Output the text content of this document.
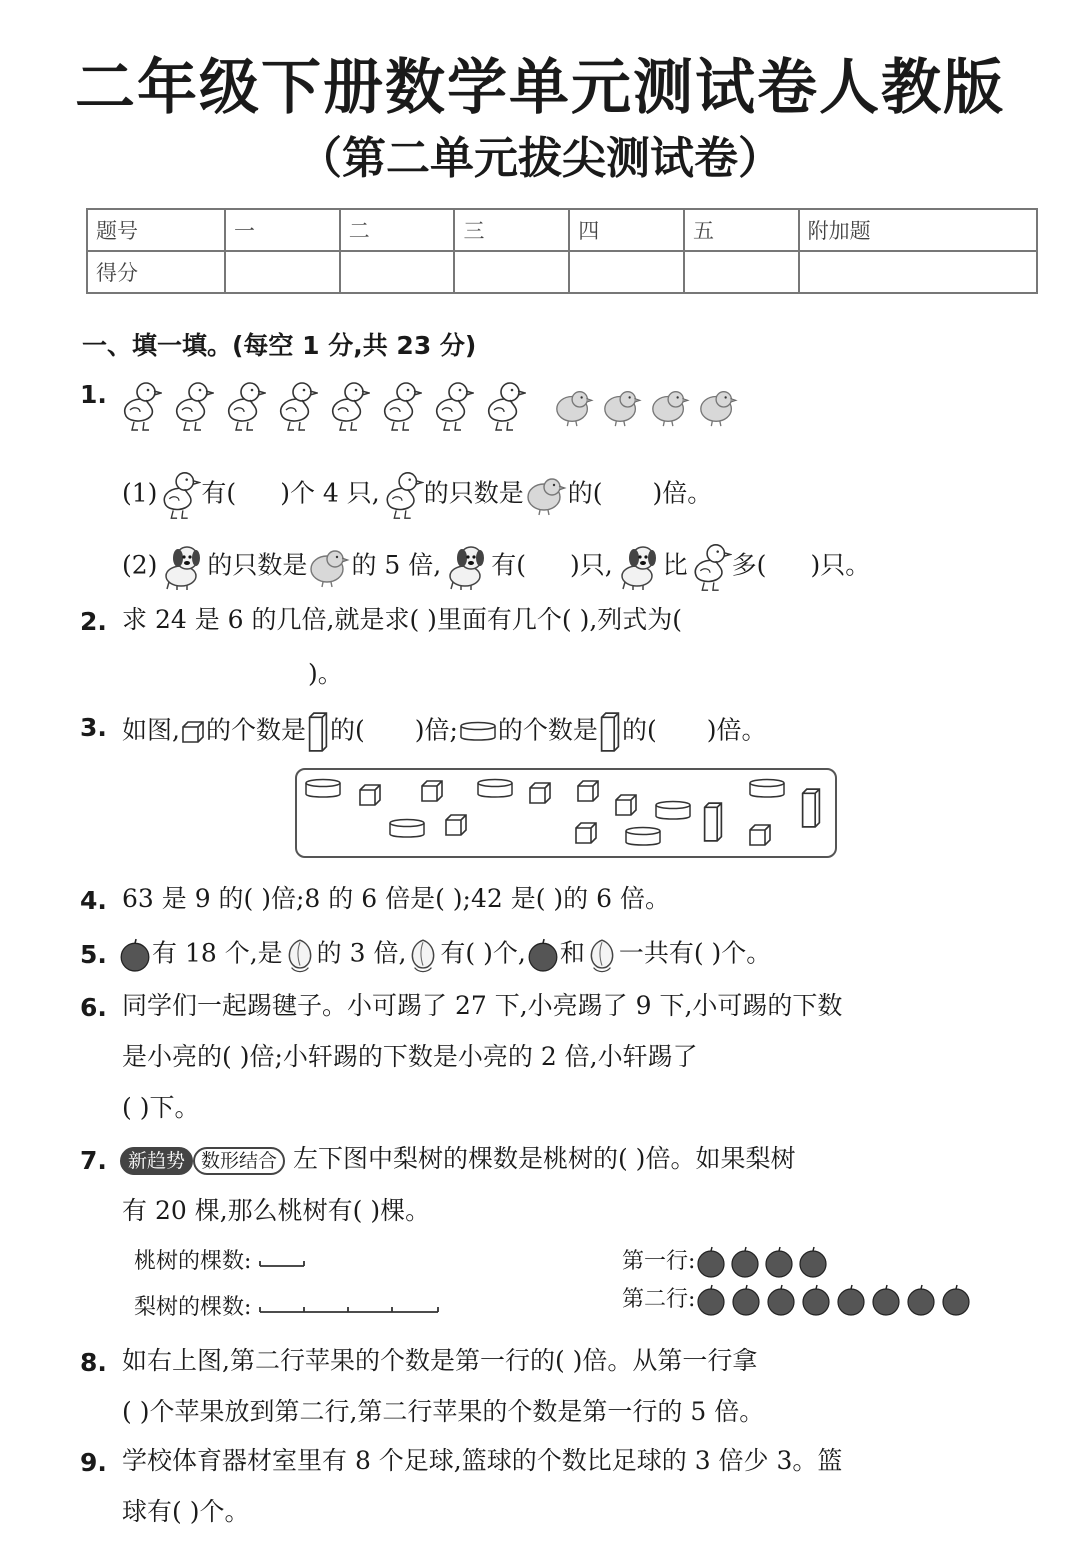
二年级下册数学单元测试卷人教版
（第二单元拔尖测试卷）
题号	一	二	三	四	五	附加题
得分						
一、填一填。(每空 1 分,共 23 分)
1.

(1) 有( )个 4 只, 的只数是 的( )倍。
(2) 的只数是 的 5 倍, 有( )只, 比 多( )只。
2. 求 24 是 6 的几倍,就是求( )里面有几个( ),列式为(
)。
3. 如图, 的个数是 的( )倍; 的个数是 的( )倍。
4. 63 是 9 的( )倍;8 的 6 倍是( );42 是( )的 6 倍。
5.	有 18 个,是 的 3 倍, 有( )个, 和 一共有( )个。
6. 同学们一起踢毽子。小可踢了 27 下,小亮踢了 9 下,小可踢的下数
是小亮的( )倍;小轩踢的下数是小亮的 2 倍,小轩踢了
( )下。
7.	新趋势 数形结合 左下图中梨树的棵数是桃树的( )倍。如果梨树
有 20 棵,那么桃树有( )棵。
桃树的棵数:
梨树的棵数:
第一行:
第二行:
8. 如右上图,第二行苹果的个数是第一行的( )倍。从第一行拿
( )个苹果放到第二行,第二行苹果的个数是第一行的 5 倍。
9. 学校体育器材室里有 8 个足球,篮球的个数比足球的 3 倍少 3。篮
球有( )个。
